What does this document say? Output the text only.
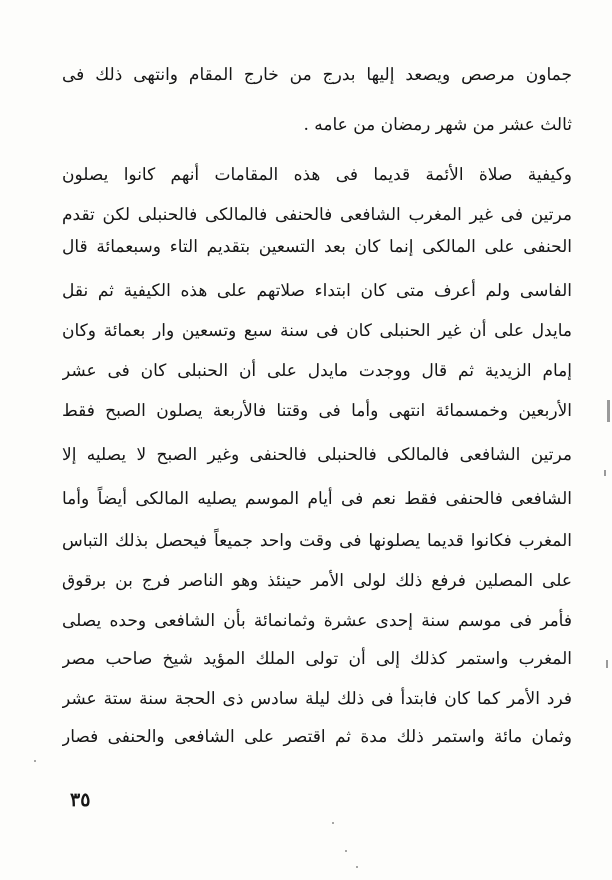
جماون مرصص ويصعد إليها بدرج من خارج المقام وانتهى ذلك فى
ثالث عشر من شهر رمضان من عامه .
وكيفية صلاة الأئمة قديما فى هذه المقامات أنهم كانوا يصلون
مرتين فى غير المغرب الشافعى فالحنفى فالمالكى فالحنبلى لكن تقدم
الحنفى على المالكى إنما كان بعد التسعين بتقديم التاء وسبعمائة قال
الفاسى ولم أعرف متى كان ابتداء صلاتهم على هذه الكيفية ثم نقل
مايدل على أن غير الحنبلى كان فى سنة سبع وتسعين وار بعمائة وكان
إمام الزيدية ثم قال ووجدت مايدل على أن الحنبلى كان فى عشر
الأربعين وخمسمائة انتهى وأما فى وقتنا فالأربعة يصلون الصبح فقط
مرتين الشافعى فالمالكى فالحنبلى فالحنفى وغير الصبح لا يصليه إلا
الشافعى فالحنفى فقط نعم فى أيام الموسم يصليه المالكى أيضاً وأما
المغرب فكانوا قديما يصلونها فى وقت واحد جميعاً فيحصل بذلك التباس
على المصلين فرفع ذلك لولى الأمر حينئذ وهو الناصر فرج بن برقوق
فأمر فى موسم سنة إحدى عشرة وثمانمائة بأن الشافعى وحده يصلى
المغرب واستمر كذلك إلى أن تولى الملك المؤيد شيخ صاحب مصر
فرد الأمر كما كان فابتدأ فى ذلك ليلة سادس ذى الحجة سنة ستة عشر
وثمان مائة واستمر ذلك مدة ثم اقتصر على الشافعى والحنفى فصار
٣٥
